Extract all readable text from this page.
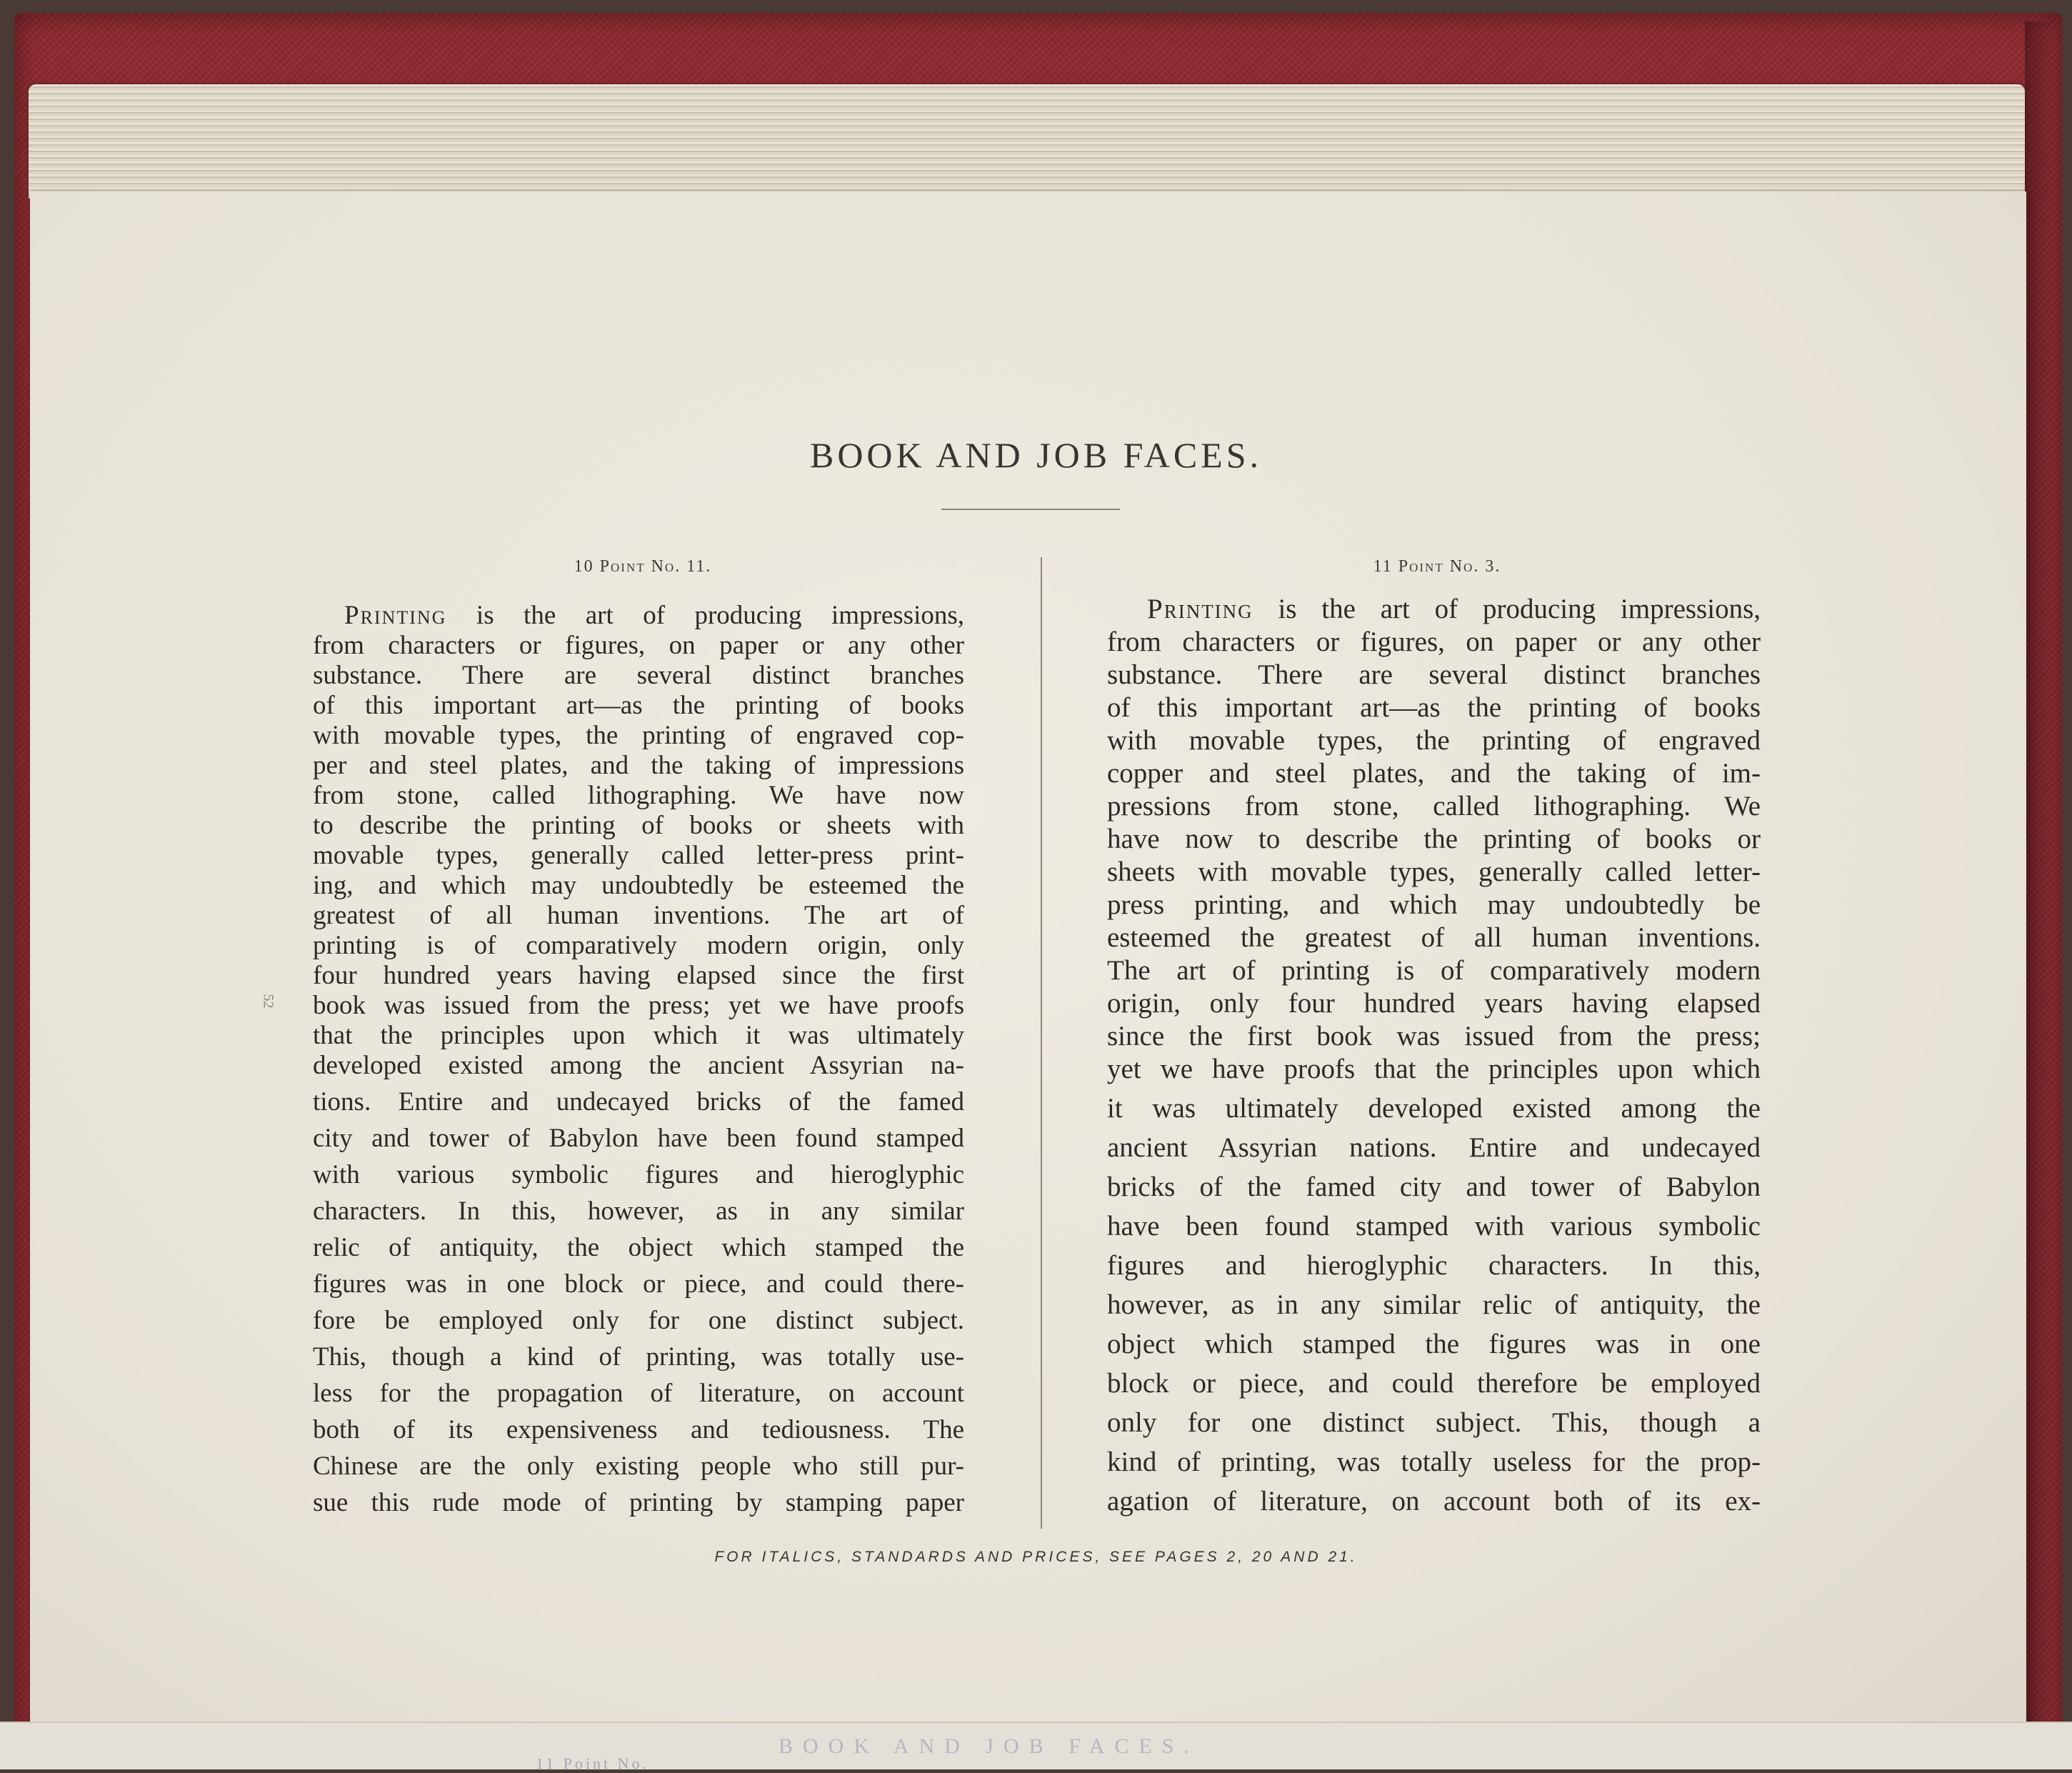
BOOK AND JOB FACES.
10 Point No. 11.	11 Point No. 3.
52
Printing is the art of producing impressions,
from characters or figures, on paper or any other
substance. There are several distinct branches
of this important art—as the printing of books
with movable types, the printing of engraved cop-
per and steel plates, and the taking of impressions
from stone, called lithographing. We have now
to describe the printing of books or sheets with
movable types, generally called letter-press print-
ing, and which may undoubtedly be esteemed the
greatest of all human inventions. The art of
printing is of comparatively modern origin, only
four hundred years having elapsed since the first
book was issued from the press; yet we have proofs
that the principles upon which it was ultimately
developed existed among the ancient Assyrian na-
tions. Entire and undecayed bricks of the famed
city and tower of Babylon have been found stamped
with various symbolic figures and hieroglyphic
characters. In this, however, as in any similar
relic of antiquity, the object which stamped the
figures was in one block or piece, and could there-
fore be employed only for one distinct subject.
This, though a kind of printing, was totally use-
less for the propagation of literature, on account
both of its expensiveness and tediousness. The
Chinese are the only existing people who still pur-
sue this rude mode of printing by stamping paper
Printing is the art of producing impressions,
from characters or figures, on paper or any other
substance. There are several distinct branches
of this important art—as the printing of books
with movable types, the printing of engraved
copper and steel plates, and the taking of im-
pressions from stone, called lithographing. We
have now to describe the printing of books or
sheets with movable types, generally called letter-
press printing, and which may undoubtedly be
esteemed the greatest of all human inventions.
The art of printing is of comparatively modern
origin, only four hundred years having elapsed
since the first book was issued from the press;
yet we have proofs that the principles upon which
it was ultimately developed existed among the
ancient Assyrian nations. Entire and undecayed
bricks of the famed city and tower of Babylon
have been found stamped with various symbolic
figures and hieroglyphic characters. In this,
however, as in any similar relic of antiquity, the
object which stamped the figures was in one
block or piece, and could therefore be employed
only for one distinct subject. This, though a
kind of printing, was totally useless for the prop-
agation of literature, on account both of its ex-
FOR ITALICS, STANDARDS AND PRICES, SEE PAGES 2, 20 AND 21.
BOOK AND JOB FACES.
11 Point No.
